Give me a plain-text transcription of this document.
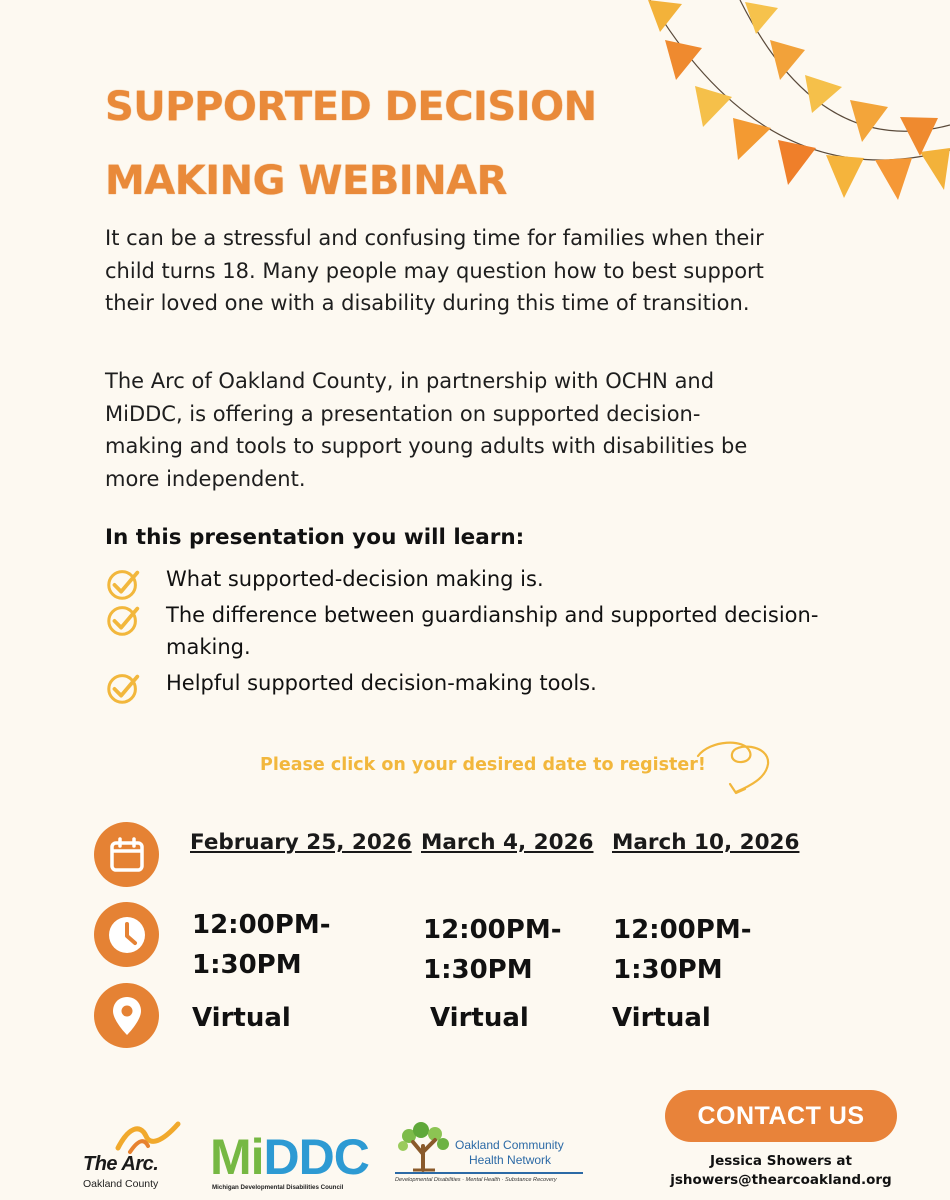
SUPPORTED DECISION
MAKING WEBINAR
It can be a stressful and confusing time for families when their child turns 18. Many people may question how to best support their loved one with a disability during this time of transition.
The Arc of Oakland County, in partnership with OCHN and MiDDC, is offering a presentation on supported decision-making and tools to support young adults with disabilities be more independent.
In this presentation you will learn:
What supported-decision making is.
The difference between guardianship and supported decision-making.
Helpful supported decision-making tools.
Please click on your desired date to register!
February 25, 2026 March 4, 2026 March 10, 2026
12:00PM-
1:30PM
12:00PM-
1:30PM
12:00PM-
1:30PM
Virtual	Virtual	Virtual
The Arc.
Oakland County MiDDC
Michigan Developmental Disabilities Council
Oakland Community
Health Network
Developmental Disabilities · Mental Health · Substance Recovery
CONTACT US
Jessica Showers at
jshowers@thearcoakland.org
